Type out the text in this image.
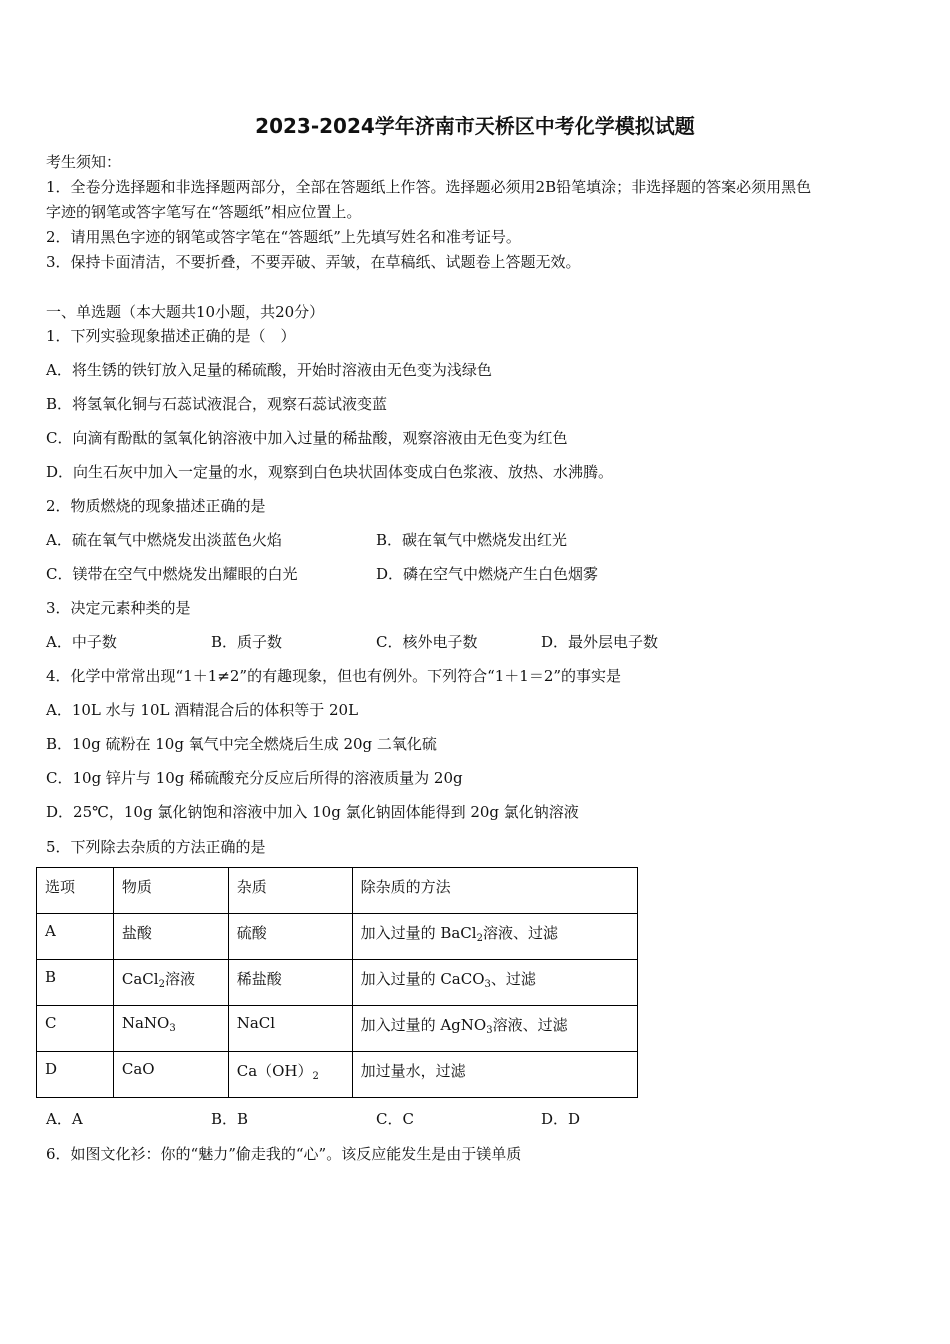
2023-2024学年济南市天桥区中考化学模拟试题
考生须知：
1．全卷分选择题和非选择题两部分，全部在答题纸上作答。选择题必须用2B铅笔填涂；非选择题的答案必须用黑色
字迹的钢笔或答字笔写在“答题纸”相应位置上。
2．请用黑色字迹的钢笔或答字笔在“答题纸”上先填写姓名和准考证号。
3．保持卡面清洁，不要折叠，不要弄破、弄皱，在草稿纸、试题卷上答题无效。
一、单选题（本大题共10小题，共20分）
1．下列实验现象描述正确的是（　）
A．将生锈的铁钉放入足量的稀硫酸，开始时溶液由无色变为浅绿色
B．将氢氧化铜与石蕊试液混合，观察石蕊试液变蓝
C．向滴有酚酞的氢氧化钠溶液中加入过量的稀盐酸，观察溶液由无色变为红色
D．向生石灰中加入一定量的水，观察到白色块状固体变成白色浆液、放热、水沸腾。
2．物质燃烧的现象描述正确的是
A．硫在氧气中燃烧发出淡蓝色火焰	B．碳在氧气中燃烧发出红光
C．镁带在空气中燃烧发出耀眼的白光	D．磷在空气中燃烧产生白色烟雾
3．决定元素种类的是
A．中子数	B．质子数	C．核外电子数	D．最外层电子数
4．化学中常常出现“1＋1≠2”的有趣现象，但也有例外。下列符合“1＋1＝2”的事实是
A．10L 水与 10L 酒精混合后的体积等于 20L
B．10g 硫粉在 10g 氧气中完全燃烧后生成 20g 二氧化硫
C．10g 锌片与 10g 稀硫酸充分反应后所得的溶液质量为 20g
D．25℃，10g 氯化钠饱和溶液中加入 10g 氯化钠固体能得到 20g 氯化钠溶液
5．下列除去杂质的方法正确的是
选项	物质	杂质	除杂质的方法
A	盐酸	硫酸	加入过量的 BaCl$_2$溶液、过滤
B	CaCl$_2$溶液	稀盐酸	加入过量的 CaCO$_3$、过滤
C	NaNO$_3$	NaCl	加入过量的 AgNO$_3$溶液、过滤
D	CaO	$Ca(OH)_2$	加过量水，过滤
A．A	B．B	C．C	D．D
6．如图文化衫：你的“魅力”偷走我的“心”。该反应能发生是由于镁单质
